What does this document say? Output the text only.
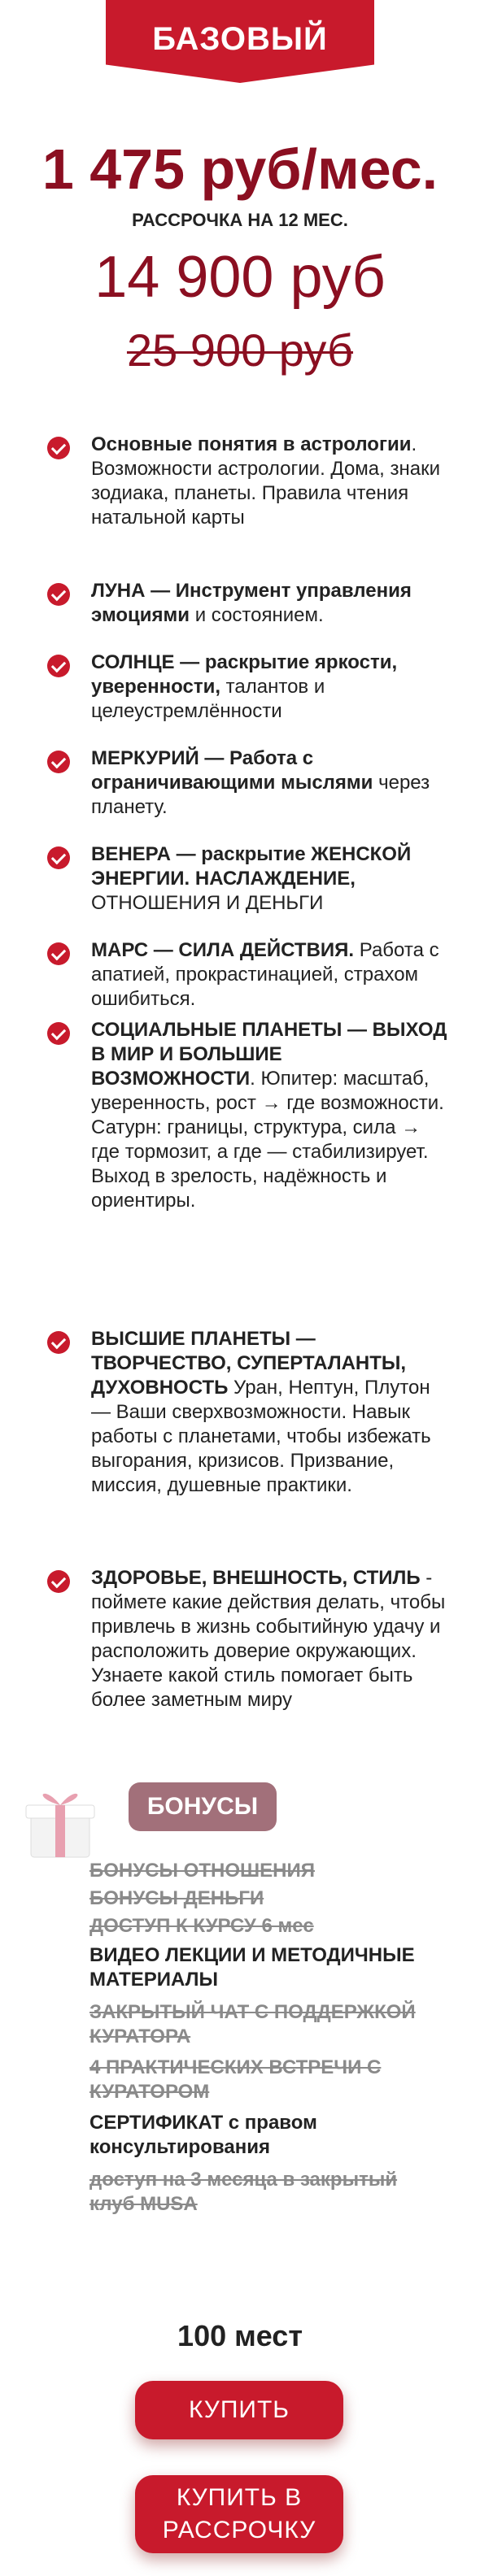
БАЗОВЫЙ
1 475 руб/мес.
РАССРОЧКА НА 12 МЕС.
14 900 руб
25 900 руб
Основные понятия в астрологии. Возможности астрологии. Дома, знаки зодиака, планеты. Правила чтения натальной карты
ЛУНА — Инструмент управления эмоциями и состоянием.
СОЛНЦЕ — раскрытие яркости, уверенности, талантов и целеустремлённости
МЕРКУРИЙ — Работа с ограничивающими мыслями через планету.
ВЕНЕРА — раскрытие ЖЕНСКОЙ ЭНЕРГИИ. НАСЛАЖДЕНИЕ, ОТНОШЕНИЯ И ДЕНЬГИ
МАРС — СИЛА ДЕЙСТВИЯ. Работа с апатией, прокрастинацией, страхом ошибиться.
СОЦИАЛЬНЫЕ ПЛАНЕТЫ — ВЫХОД В МИР И БОЛЬШИЕ ВОЗМОЖНОСТИ. Юпитер: масштаб, уверенность, рост → где возможности. Сатурн: границы, структура, сила → где тормозит, а где — стабилизирует. Выход в зрелость, надёжность и ориентиры.
ВЫСШИЕ ПЛАНЕТЫ — ТВОРЧЕСТВО, СУПЕРТАЛАНТЫ, ДУХОВНОСТЬ Уран, Нептун, Плутон — Ваши сверхвозможности. Навык работы с планетами, чтобы избежать выгорания, кризисов. Призвание, миссия, душевные практики.
ЗДОРОВЬЕ, ВНЕШНОСТЬ, СТИЛЬ - поймете какие действия делать, чтобы привлечь в жизнь событийную удачу и расположить доверие окружающих. Узнаете какой стиль помогает быть более заметным миру
БОНУСЫ
БОНУСЫ ОТНОШЕНИЯ
БОНУСЫ ДЕНЬГИ
ДОСТУП К КУРСУ 6 мес
ВИДЕО ЛЕКЦИИ И МЕТОДИЧНЫЕ МАТЕРИАЛЫ
ЗАКРЫТЫЙ ЧАТ С ПОДДЕРЖКОЙ КУРАТОРА
4 ПРАКТИЧЕСКИХ ВСТРЕЧИ С КУРАТОРОМ
СЕРТИФИКАТ с правом консультирования
доступ на 3 месяца в закрытый клуб MUSA
100 мест
КУПИТЬ
КУПИТЬ В РАССРОЧКУ
